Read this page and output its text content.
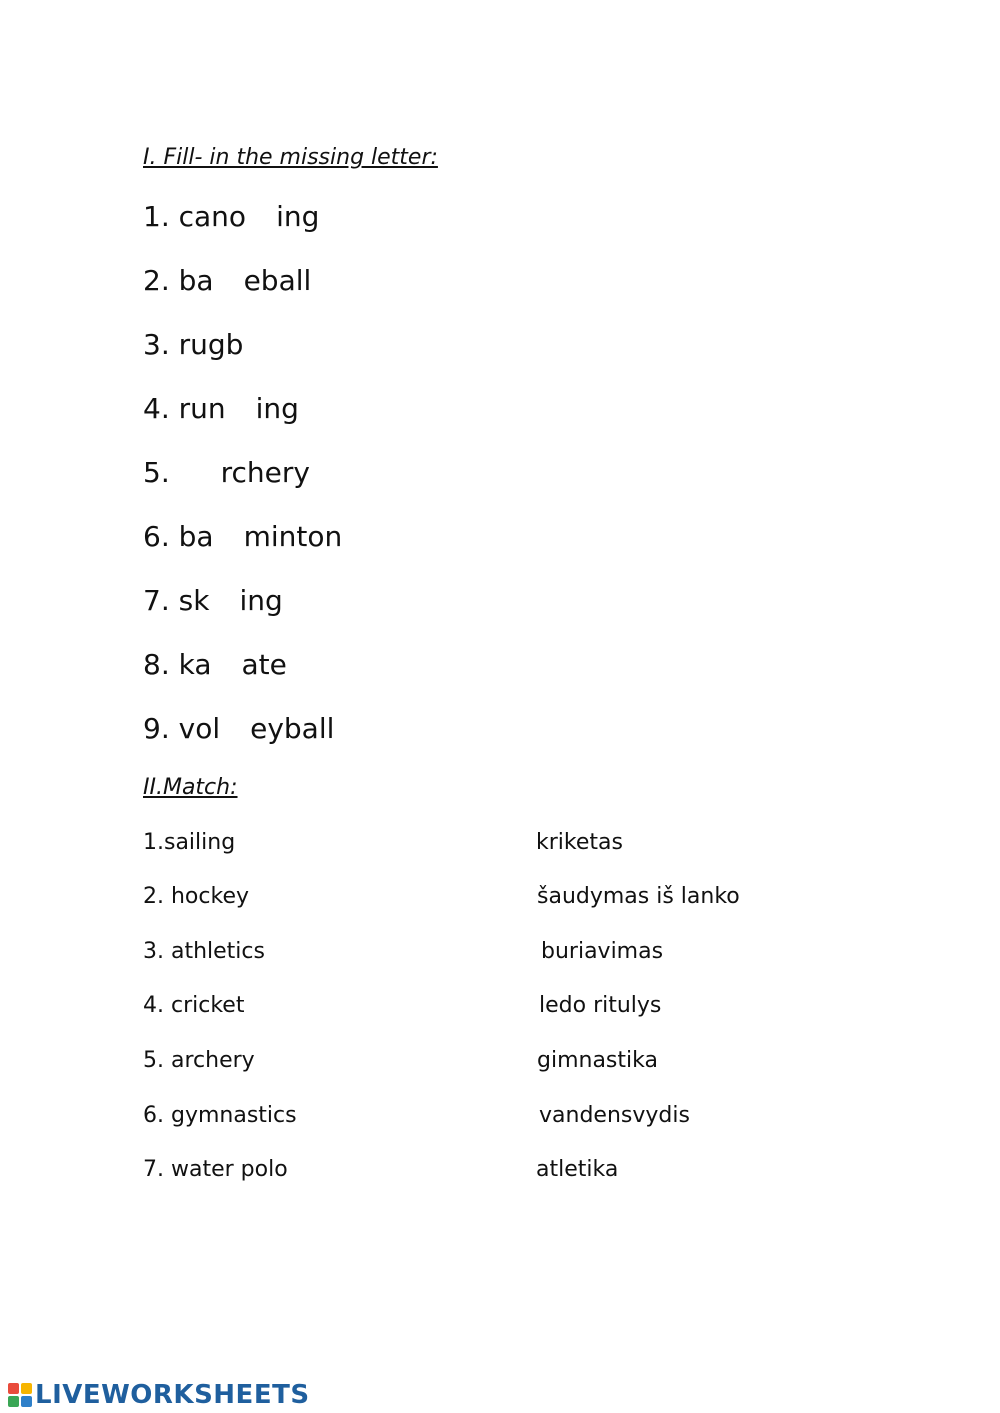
I. Fill- in the missing letter:
1. cano ing
2. ba eball
3. rugb
4. run ing
5. rchery
6. ba minton
7. sk ing
8. ka ate
9. vol eyball
II.Match:
1.sailing
2. hockey
3. athletics
4. cricket
5. archery
6. gymnastics
7. water polo
kriketas
šaudymas iš lanko
buriavimas
ledo ritulys
gimnastika
vandensvydis
atletika
LIVEWORKSHEETS
